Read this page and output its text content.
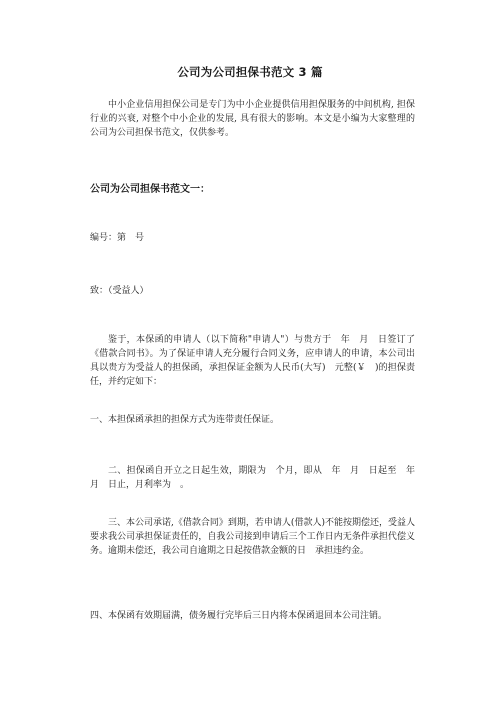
公司为公司担保书范文 3 篇

中小企业信用担保公司是专门为中小企业提供信用担保服务的中间机构, 担保行业的兴衰, 对整个中小企业的发展, 具有很大的影响。本文是小编为大家整理的公司为公司担保书范文，仅供参考。

公司为公司担保书范文一：

编号：第　号

致：（受益人）

鉴于，本保函的申请人（以下简称"申请人"）与贵方于　年　月　日签订了《借款合同书》。为了保证申请人充分履行合同义务，应申请人的申请，本公司出具以贵方为受益人的担保函，承担保证金额为人民币(大写)　元整(￥　)的担保责任，并约定如下：

一、本担保函承担的担保方式为连带责任保证。

二、担保函自开立之日起生效，期限为　个月，即从　年　月　日起至　年　月　日止，月利率为　。

三、本公司承诺,《借款合同》到期，若申请人(借款人)不能按期偿还，受益人要求我公司承担保证责任的，自我公司接到申请后三个工作日内无条件承担代偿义务。逾期未偿还，我公司自逾期之日起按借款金额的日　承担违约金。

四、本保函有效期届满，债务履行完毕后三日内将本保函退回本公司注销。
